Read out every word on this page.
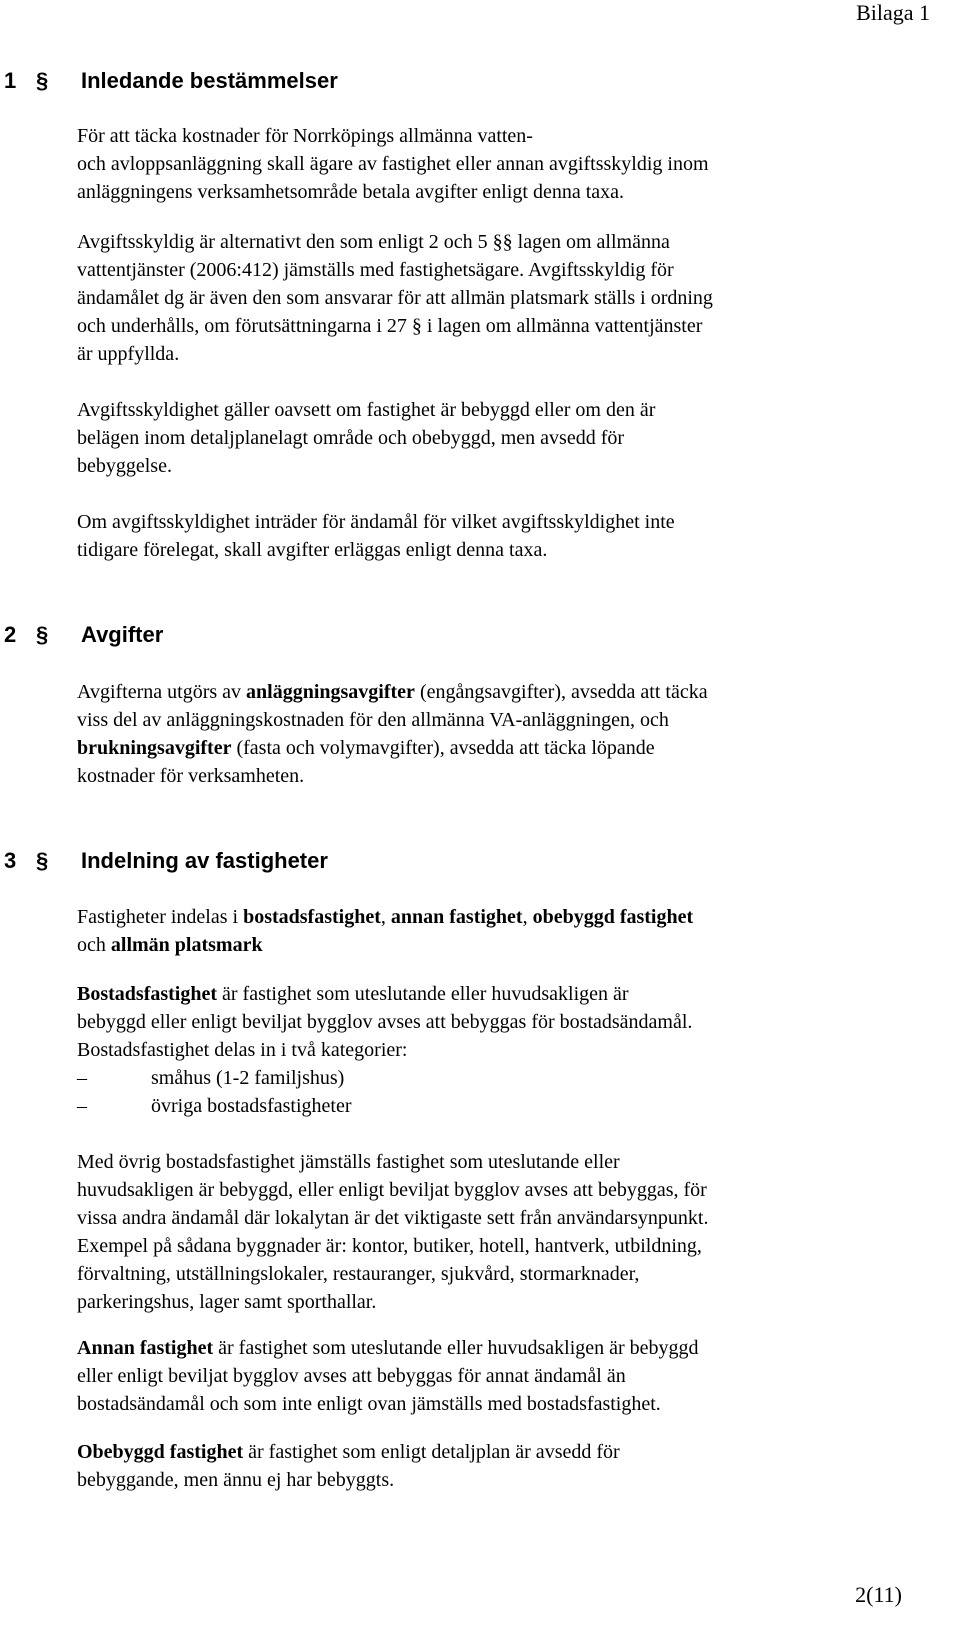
Bilaga 1
1 § Inledande bestämmelser
För att täcka kostnader för Norrköpings allmänna vatten-
och avloppsanläggning skall ägare av fastighet eller annan avgiftsskyldig inom
anläggningens verksamhetsområde betala avgifter enligt denna taxa.
Avgiftsskyldig är alternativt den som enligt 2 och 5 §§ lagen om allmänna
vattentjänster (2006:412) jämställs med fastighetsägare. Avgiftsskyldig för
ändamålet dg är även den som ansvarar för att allmän platsmark ställs i ordning
och underhålls, om förutsättningarna i 27 § i lagen om allmänna vattentjänster
är uppfyllda.
Avgiftsskyldighet gäller oavsett om fastighet är bebyggd eller om den är
belägen inom detaljplanelagt område och obebyggd, men avsedd för
bebyggelse.
Om avgiftsskyldighet inträder för ändamål för vilket avgiftsskyldighet inte
tidigare förelegat, skall avgifter erläggas enligt denna taxa.
2 § Avgifter
Avgifterna utgörs av anläggningsavgifter (engångsavgifter), avsedda att täcka
viss del av anläggningskostnaden för den allmänna VA-anläggningen, och
brukningsavgifter (fasta och volymavgifter), avsedda att täcka löpande
kostnader för verksamheten.
3 § Indelning av fastigheter
Fastigheter indelas i bostadsfastighet, annan fastighet, obebyggd fastighet
och allmän platsmark
Bostadsfastighet är fastighet som uteslutande eller huvudsakligen är
bebyggd eller enligt beviljat bygglov avses att bebyggas för bostadsändamål.
Bostadsfastighet delas in i två kategorier:
–	småhus (1-2 familjshus)
–	övriga bostadsfastigheter
Med övrig bostadsfastighet jämställs fastighet som uteslutande eller
huvudsakligen är bebyggd, eller enligt beviljat bygglov avses att bebyggas, för
vissa andra ändamål där lokalytan är det viktigaste sett från användarsynpunkt.
Exempel på sådana byggnader är: kontor, butiker, hotell, hantverk, utbildning,
förvaltning, utställningslokaler, restauranger, sjukvård, stormarknader,
parkeringshus, lager samt sporthallar.
Annan fastighet är fastighet som uteslutande eller huvudsakligen är bebyggd
eller enligt beviljat bygglov avses att bebyggas för annat ändamål än
bostadsändamål och som inte enligt ovan jämställs med bostadsfastighet.
Obebyggd fastighet är fastighet som enligt detaljplan är avsedd för
bebyggande, men ännu ej har bebyggts.
2(11)
